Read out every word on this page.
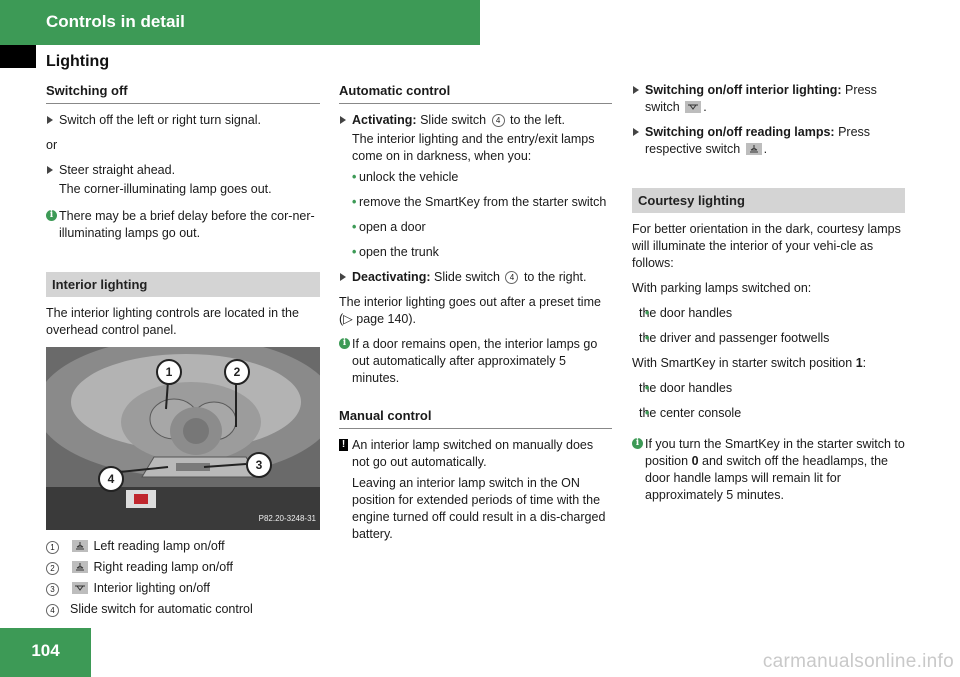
Controls in detail
Lighting
Switching off
Switch off the left or right turn signal.

or

Steer straight ahead.
The corner-illuminating lamp goes out.
i There may be a brief delay before the cor-ner-illuminating lamps go out.
Interior lighting

The interior lighting controls are located in the overhead control panel.

1	2
3
4
P82.20-3248-31
1	Left reading lamp on/off
2	Right reading lamp on/off
3	Interior lighting on/off
4	Slide switch for automatic control
Automatic control
Activating: Slide switch 4 to the left.
The interior lighting and the entry/exit lamps come on in darkness, when you:
• unlock the vehicle
• remove the SmartKey from the starter switch
• open a door
• open the trunk
Deactivating: Slide switch 4 to the right.

The interior lighting goes out after a preset time (▷ page 140).

i If a door remains open, the interior lamps go out automatically after approximately 5 minutes.
Manual control
! An interior lamp switched on manually does not go out automatically.
Leaving an interior lamp switch in the ON position for extended periods of time with the engine turned off could result in a dis-charged battery.
Switching on/off interior lighting: Press switch .
Switching on/off reading lamps: Press respective switch .
Courtesy lighting

For better orientation in the dark, courtesy lamps will illuminate the interior of your vehi-cle as follows:

With parking lamps switched on:

• the door handles
• the driver and passenger footwells

With SmartKey in starter switch position 1:

• the door handles
• the center console
i If you turn the SmartKey in the starter switch to position 0 and switch off the headlamps, the door handle lamps will remain lit for approximately 5 minutes.
104
carmanualsonline.info
